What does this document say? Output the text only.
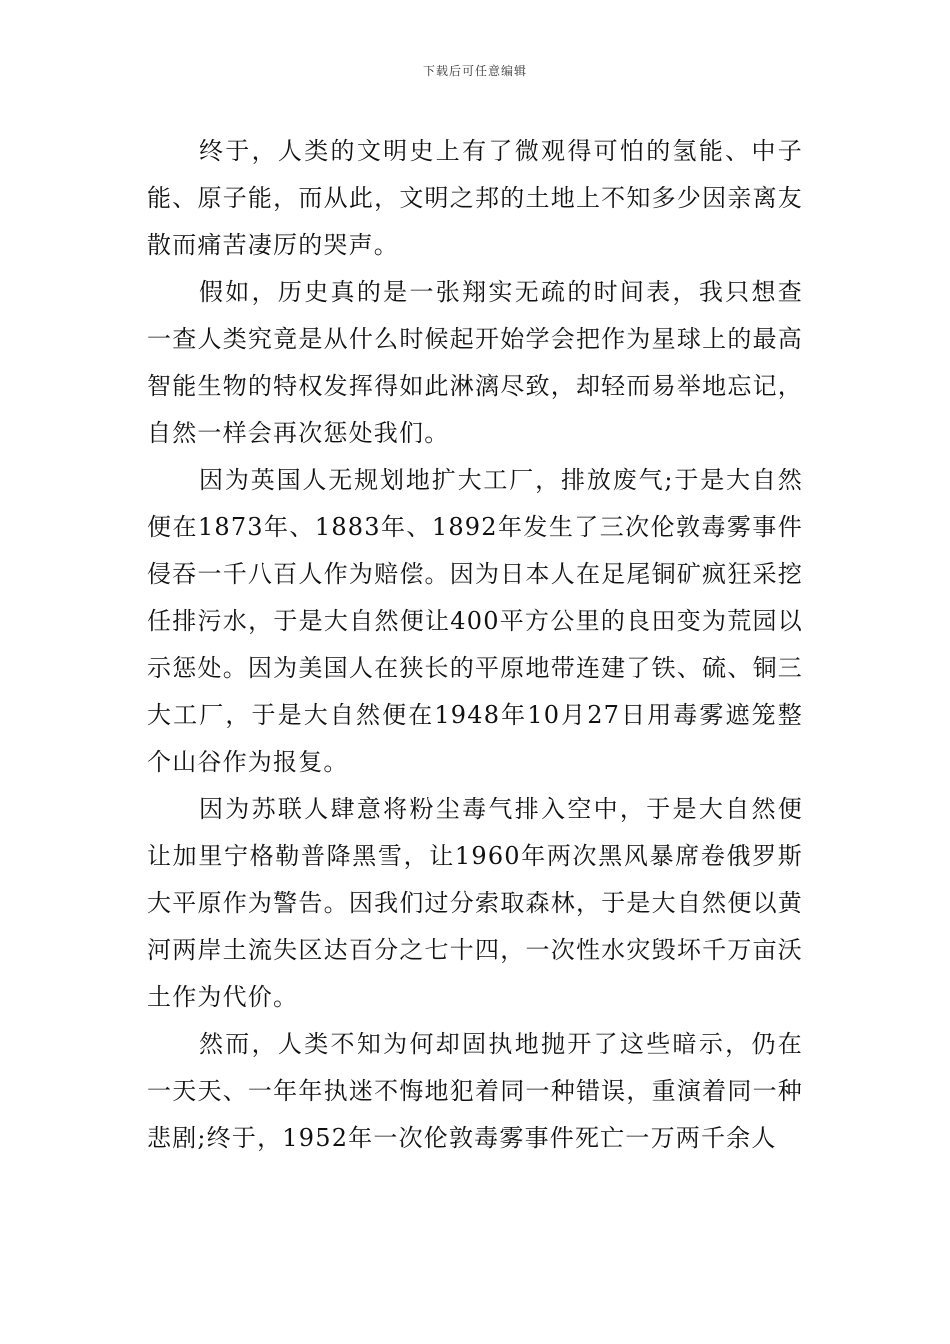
下载后可任意编辑

终于，人类的文明史上有了微观得可怕的氢能、中子能、原子能，而从此，文明之邦的土地上不知多少因亲离友散而痛苦凄厉的哭声。

假如，历史真的是一张翔实无疏的时间表，我只想查一查人类究竟是从什么时候起开始学会把作为星球上的最高智能生物的特权发挥得如此淋漓尽致，却轻而易举地忘记，自然一样会再次惩处我们。

因为英国人无规划地扩大工厂，排放废气;于是大自然便在1873年、1883年、1892年发生了三次伦敦毒雾事件侵吞一千八百人作为赔偿。因为日本人在足尾铜矿疯狂采挖任排污水，于是大自然便让400平方公里的良田变为荒园以示惩处。因为美国人在狭长的平原地带连建了铁、硫、铜三大工厂，于是大自然便在1948年10月27日用毒雾遮笼整个山谷作为报复。

因为苏联人肆意将粉尘毒气排入空中，于是大自然便让加里宁格勒普降黑雪，让1960年两次黑风暴席卷俄罗斯大平原作为警告。因我们过分索取森林，于是大自然便以黄河两岸土流失区达百分之七十四，一次性水灾毁坏千万亩沃土作为代价。

然而，人类不知为何却固执地抛开了这些暗示，仍在一天天、一年年执迷不悔地犯着同一种错误，重演着同一种悲剧;终于，1952年一次伦敦毒雾事件死亡一万两千余人
